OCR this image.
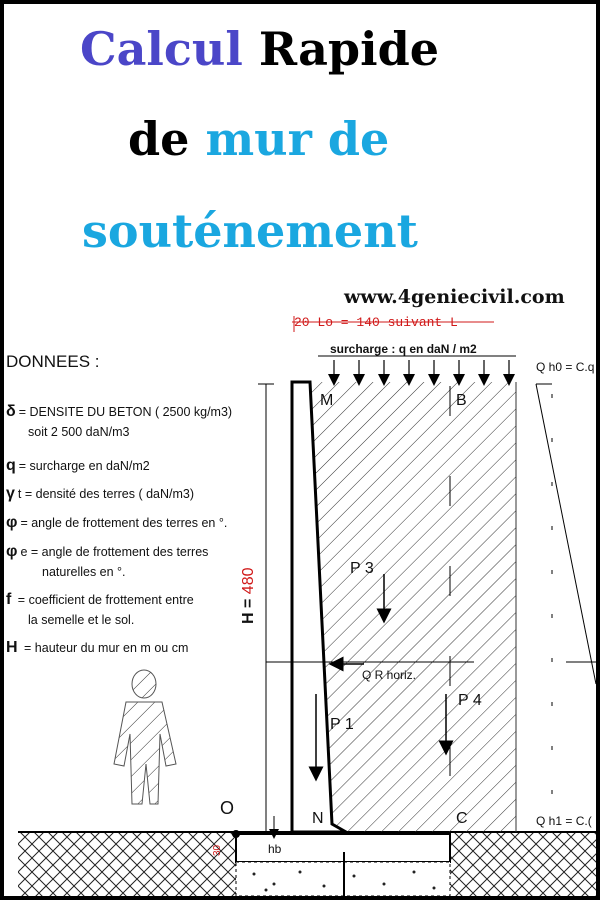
Calcul Rapide
de mur de
souténement
www.4geniecivil.com
20 Lo = 140 suivant L
DONNEES :
δ = DENSITE DU BETON ( 2500 kg/m3)
soit 2 500 daN/m3
q = surcharge en daN/m2
γ t = densité des terres ( daN/m3)
φ = angle de frottement des terres en °.
φ e = angle de frottement des terres
naturelles en °.
f = coefficient de frottement entre
la semelle et le sol.
H = hauteur du mur en m ou cm
surcharge : q en daN / m2
Q h0 = C.q
Q h1 = C.(
M	B
N	C
O
P 3
P 1
P 4
Q R horiz.
hb
H = 480
30
